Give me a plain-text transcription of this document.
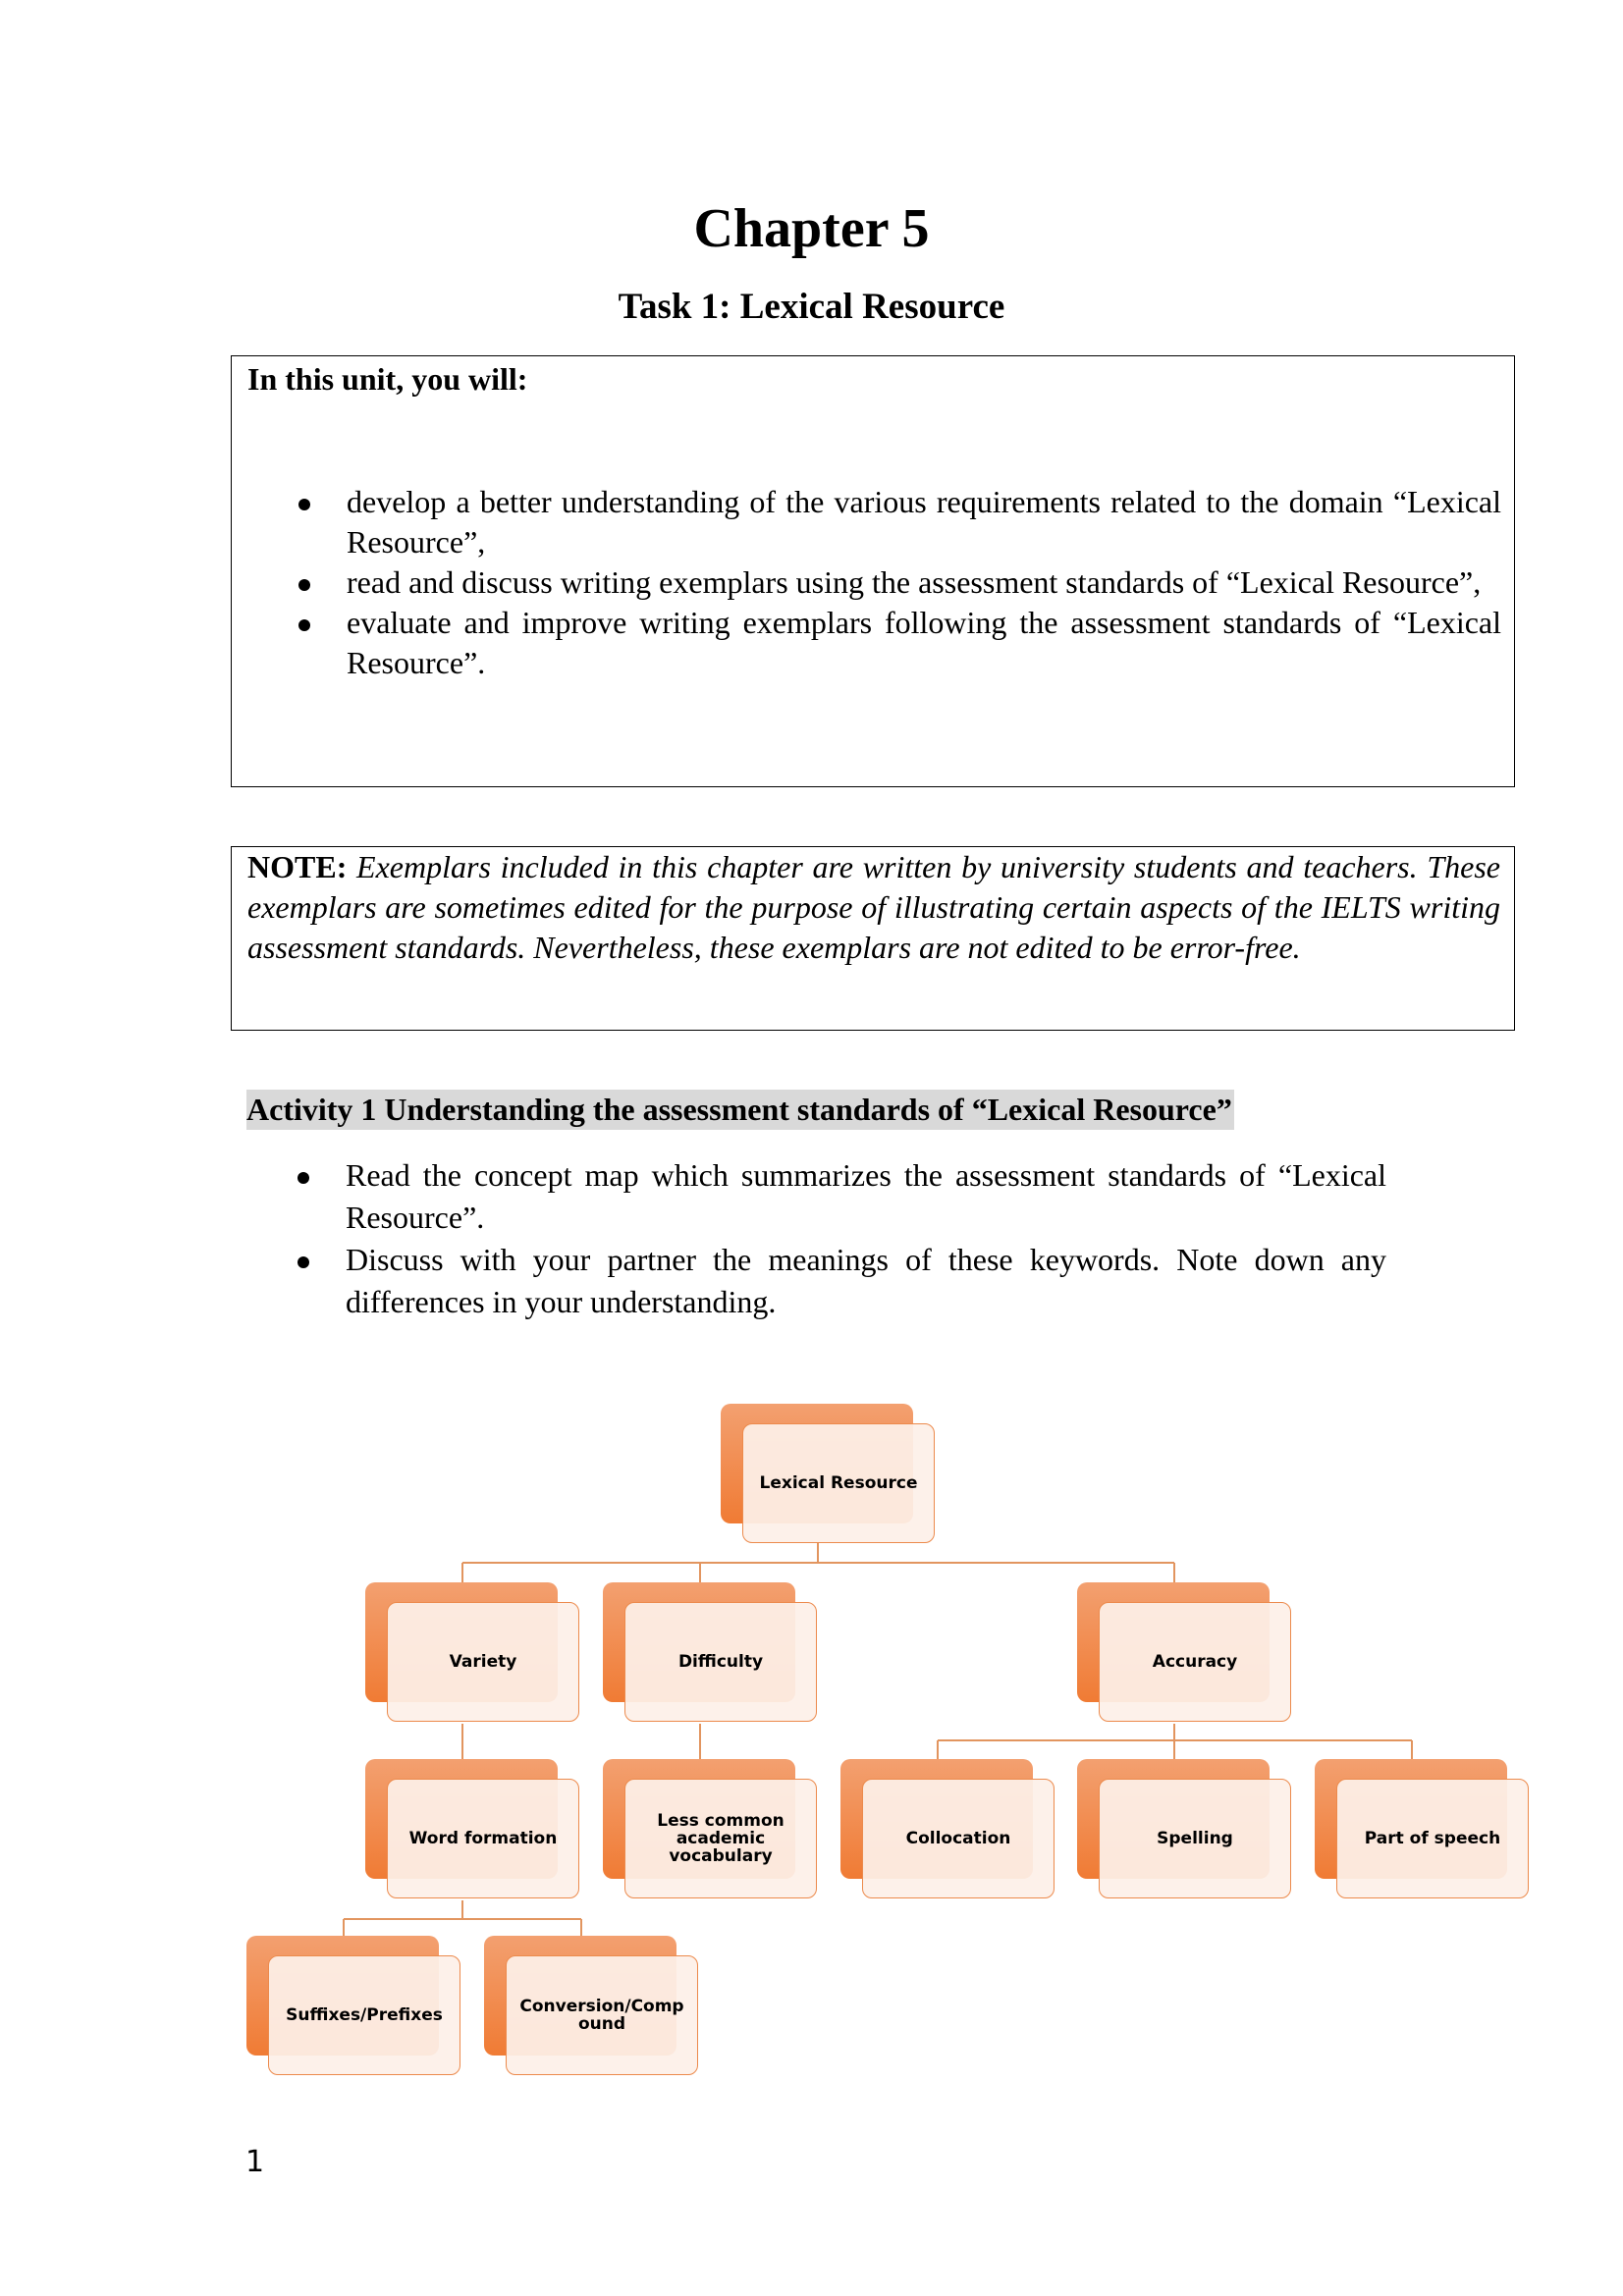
Chapter 5
Task 1: Lexical Resource
In this unit, you will:
develop a better understanding of the various requirements related to the domain “Lexical Resource”,
read and discuss writing exemplars using the assessment standards of “Lexical Resource”,
evaluate and improve writing exemplars following the assessment standards of “Lexical Resource”.
NOTE: Exemplars included in this chapter are written by university students and teachers. These exemplars are sometimes edited for the purpose of illustrating certain aspects of the IELTS writing assessment standards. Nevertheless, these exemplars are not edited to be error-free.
Activity 1 Understanding the assessment standards of “Lexical Resource”
Read the concept map which summarizes the assessment standards of “Lexical Resource”.
Discuss with your partner the meanings of these keywords. Note down any differences in your understanding.
Lexical Resource
Variety	Difficulty	Accuracy
Word formation
Less common academic vocabulary
Collocation	Spelling	Part of speech
Suffixes/Prefixes	Conversion/Compound
1
